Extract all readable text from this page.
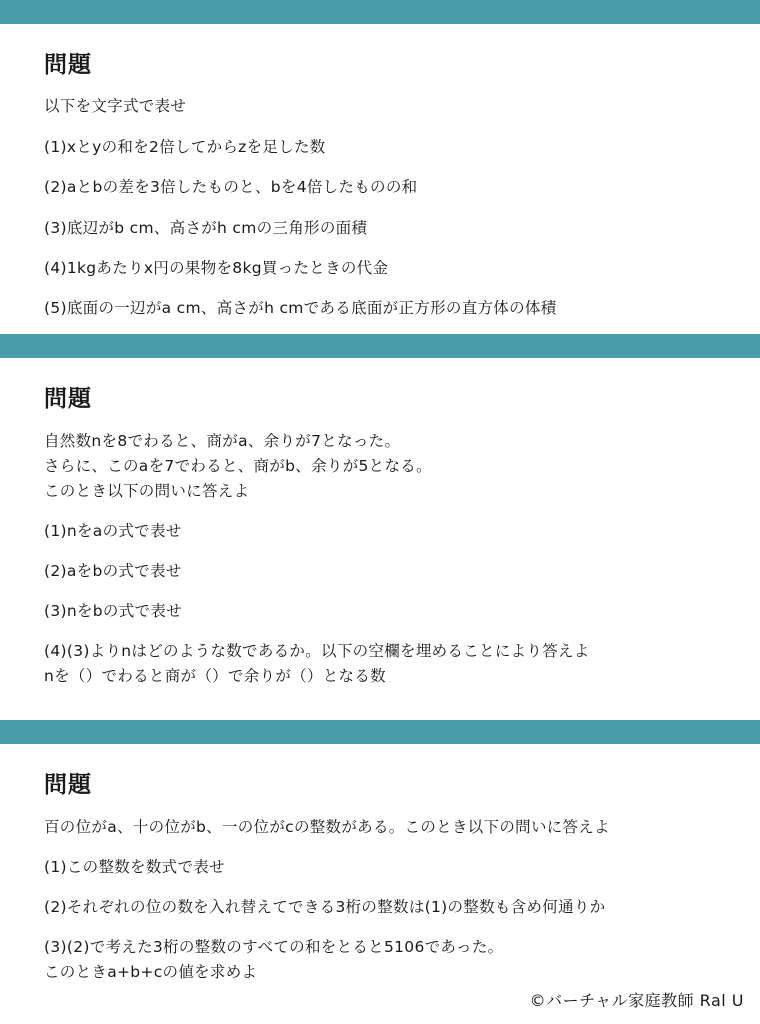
問題
以下を文字式で表せ
(1)xとyの和を2倍してからzを足した数
(2)aとbの差を3倍したものと、bを4倍したものの和
(3)底辺がb cm、高さがh cmの三角形の面積
(4)1kgあたりx円の果物を8kg買ったときの代金
(5)底面の一辺がa cm、高さがh cmである底面が正方形の直方体の体積
問題
自然数nを8でわると、商がa、余りが7となった。
さらに、このaを7でわると、商がb、余りが5となる。
このとき以下の問いに答えよ
(1)nをaの式で表せ
(2)aをbの式で表せ
(3)nをbの式で表せ
(4)(3)よりnはどのような数であるか。以下の空欄を埋めることにより答えよ
nを（）でわると商が（）で余りが（）となる数
問題
百の位がa、十の位がb、一の位がcの整数がある。このとき以下の問いに答えよ
(1)この整数を数式で表せ
(2)それぞれの位の数を入れ替えてできる3桁の整数は(1)の整数も含め何通りか
(3)(2)で考えた3桁の整数のすべての和をとると5106であった。
このときa+b+cの値を求めよ
©バーチャル家庭教師 Ral U
